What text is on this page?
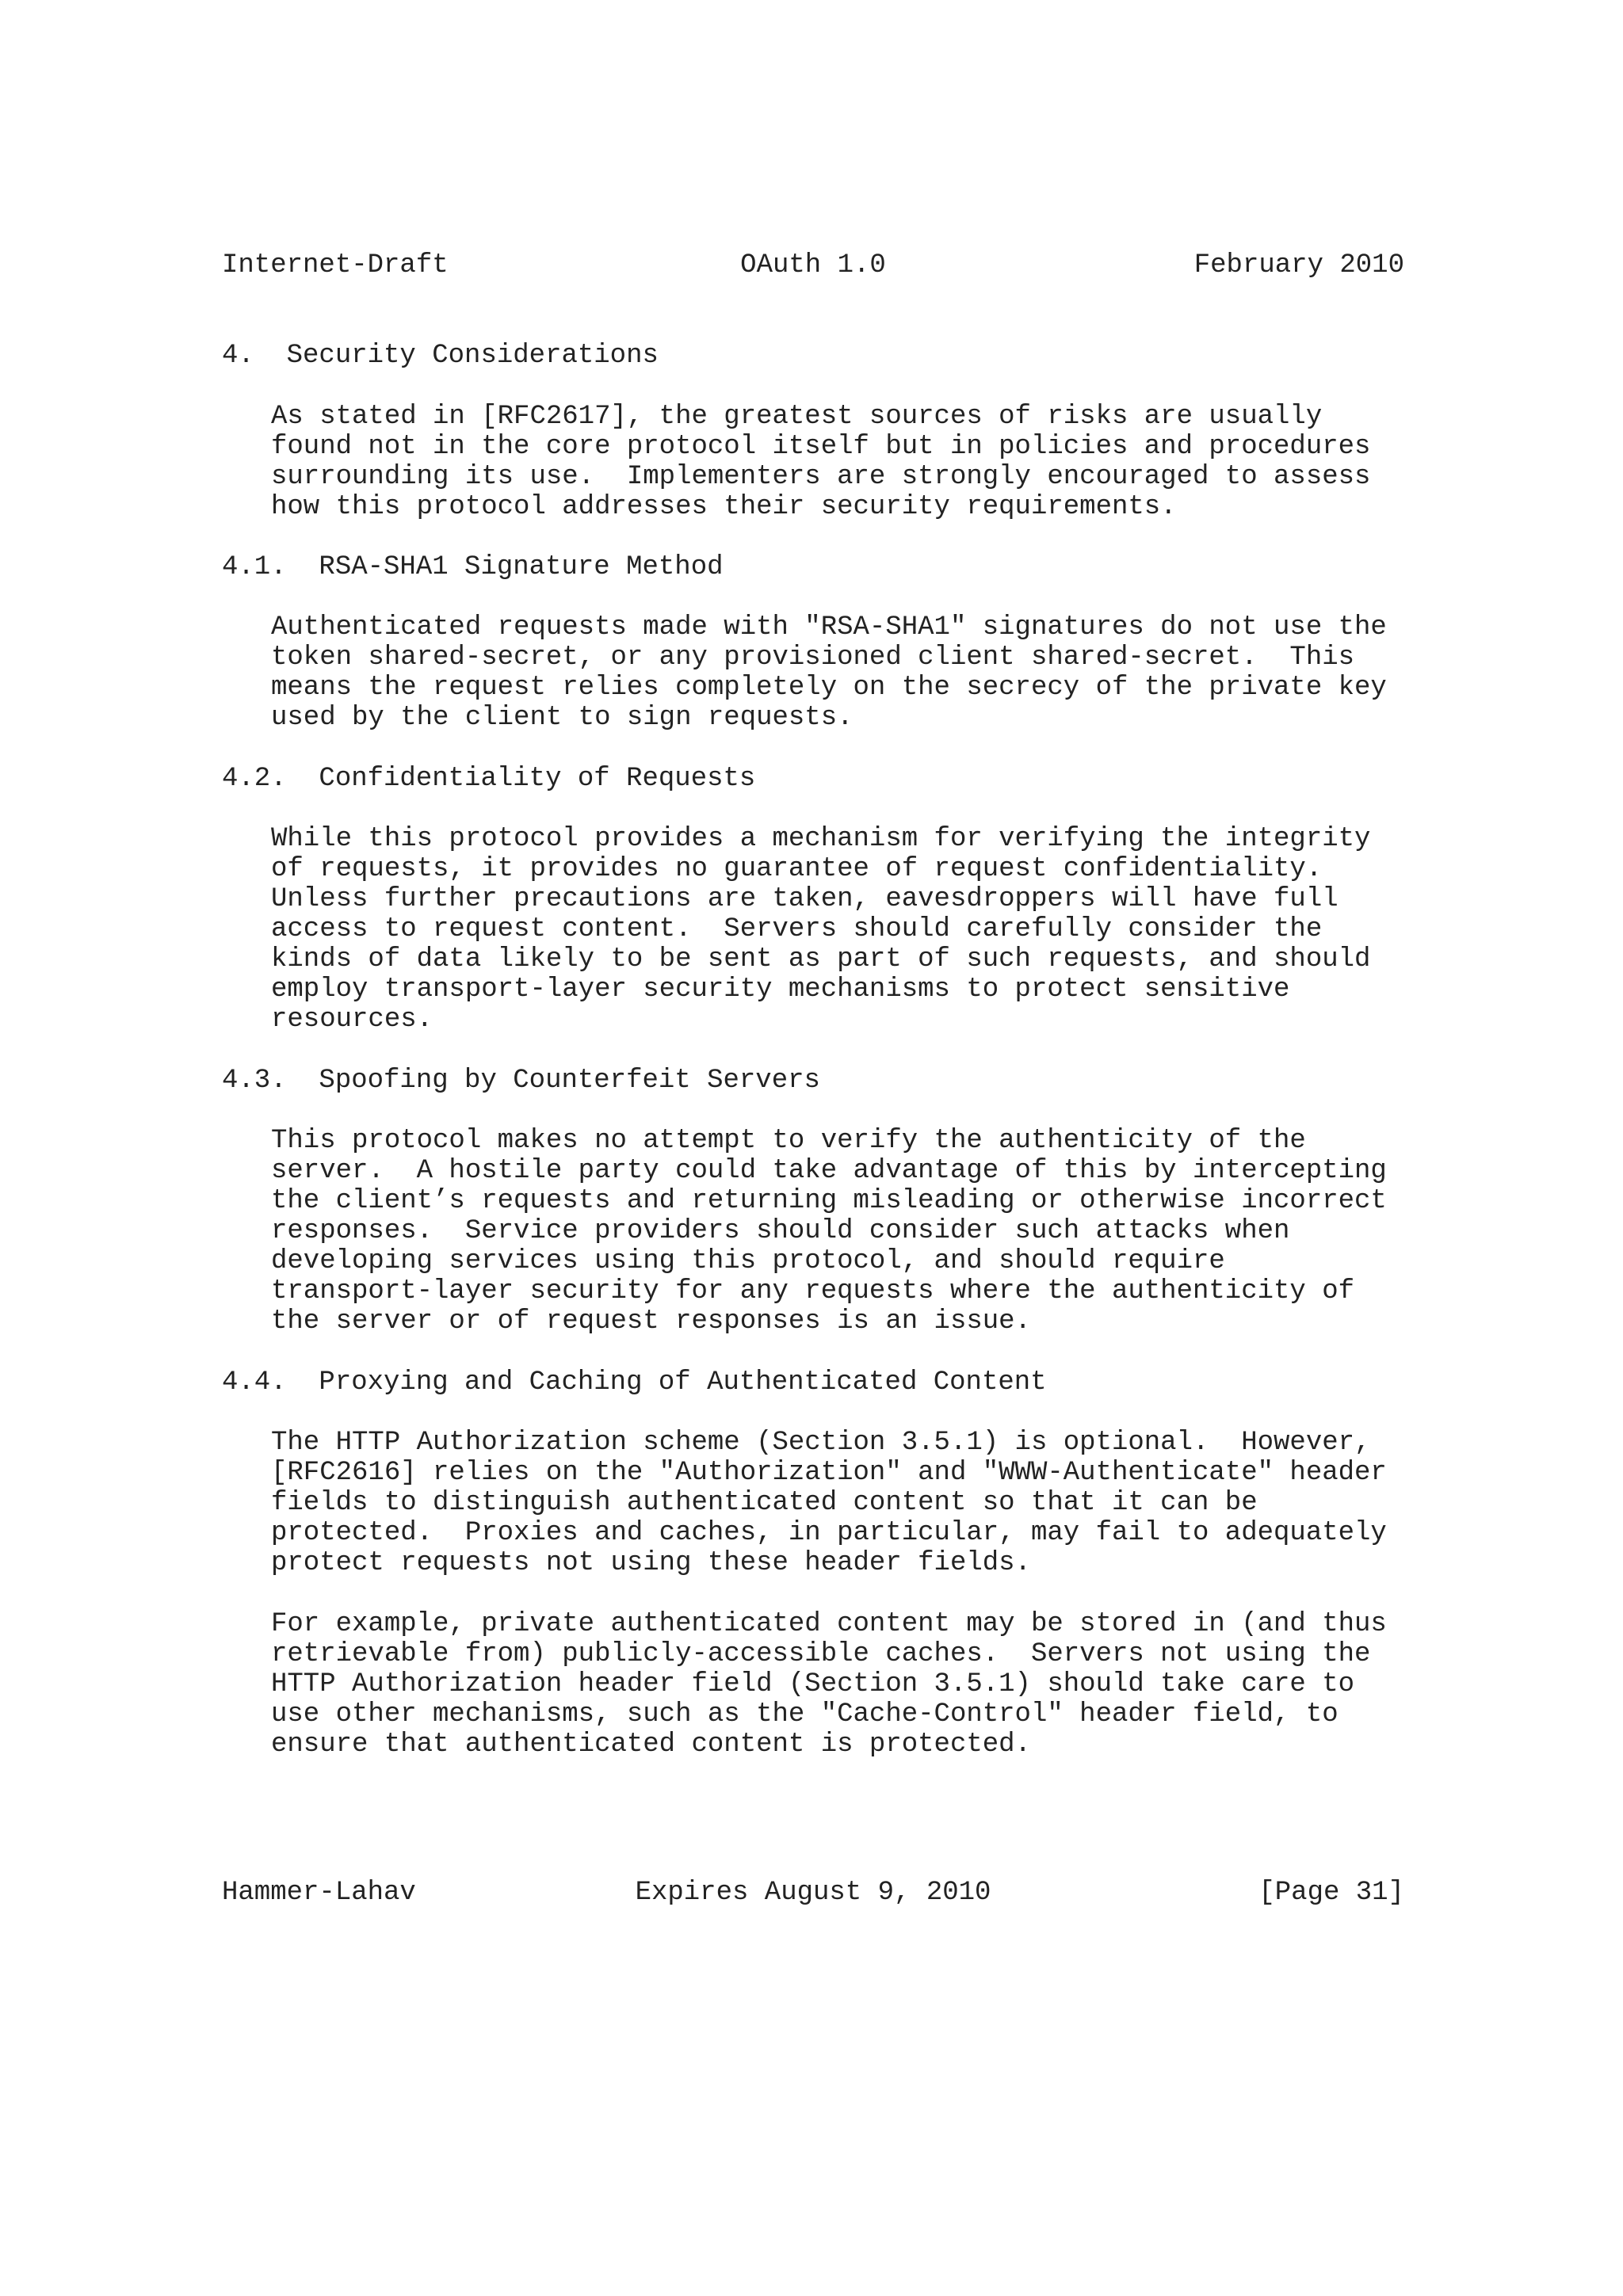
Internet-Draft	OAuth 1.0	February 2010
4.  Security Considerations
As stated in [RFC2617], the greatest sources of risks are usually
found not in the core protocol itself but in policies and procedures
surrounding its use.  Implementers are strongly encouraged to assess
how this protocol addresses their security requirements.
4.1.  RSA-SHA1 Signature Method
Authenticated requests made with "RSA-SHA1" signatures do not use the
token shared-secret, or any provisioned client shared-secret.  This
means the request relies completely on the secrecy of the private key
used by the client to sign requests.
4.2.  Confidentiality of Requests
While this protocol provides a mechanism for verifying the integrity
of requests, it provides no guarantee of request confidentiality.
Unless further precautions are taken, eavesdroppers will have full
access to request content.  Servers should carefully consider the
kinds of data likely to be sent as part of such requests, and should
employ transport-layer security mechanisms to protect sensitive
resources.
4.3.  Spoofing by Counterfeit Servers
This protocol makes no attempt to verify the authenticity of the
server.  A hostile party could take advantage of this by intercepting
the client’s requests and returning misleading or otherwise incorrect
responses.  Service providers should consider such attacks when
developing services using this protocol, and should require
transport-layer security for any requests where the authenticity of
the server or of request responses is an issue.
4.4.  Proxying and Caching of Authenticated Content
The HTTP Authorization scheme (Section 3.5.1) is optional.  However,
[RFC2616] relies on the "Authorization" and "WWW-Authenticate" header
fields to distinguish authenticated content so that it can be
protected.  Proxies and caches, in particular, may fail to adequately
protect requests not using these header fields.
For example, private authenticated content may be stored in (and thus
retrievable from) publicly-accessible caches.  Servers not using the
HTTP Authorization header field (Section 3.5.1) should take care to
use other mechanisms, such as the "Cache-Control" header field, to
ensure that authenticated content is protected.
Hammer-Lahav	Expires August 9, 2010	[Page 31]
